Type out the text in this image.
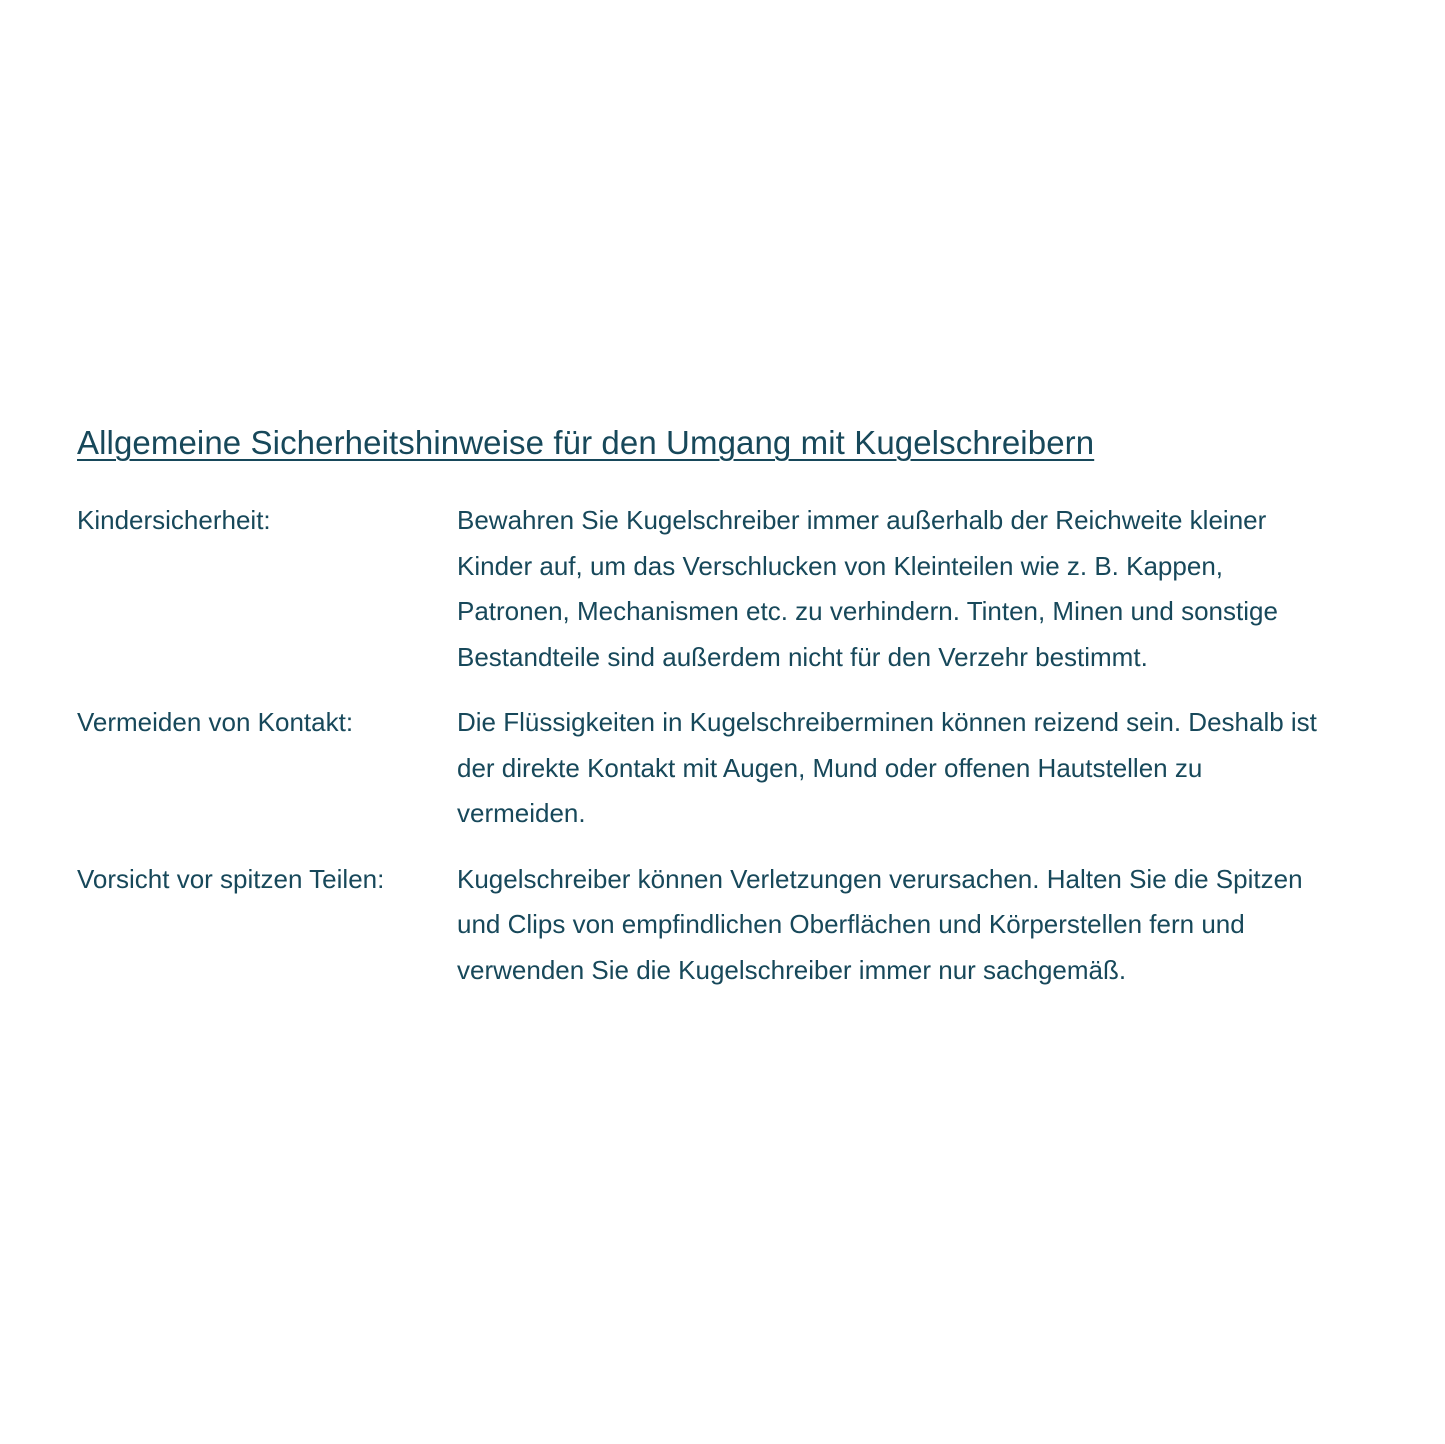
Allgemeine Sicherheitshinweise für den Umgang mit Kugelschreibern
Kindersicherheit:	Bewahren Sie Kugelschreiber immer außerhalb der Reichweite kleiner
Kinder auf, um das Verschlucken von Kleinteilen wie z. B. Kappen,
Patronen, Mechanismen etc. zu verhindern. Tinten, Minen und sonstige
Bestandteile sind außerdem nicht für den Verzehr bestimmt.
Vermeiden von Kontakt:	Die Flüssigkeiten in Kugelschreiberminen können reizend sein. Deshalb ist
der direkte Kontakt mit Augen, Mund oder offenen Hautstellen zu
vermeiden.
Vorsicht vor spitzen Teilen:	Kugelschreiber können Verletzungen verursachen. Halten Sie die Spitzen
und Clips von empfindlichen Oberflächen und Körperstellen fern und
verwenden Sie die Kugelschreiber immer nur sachgemäß.
